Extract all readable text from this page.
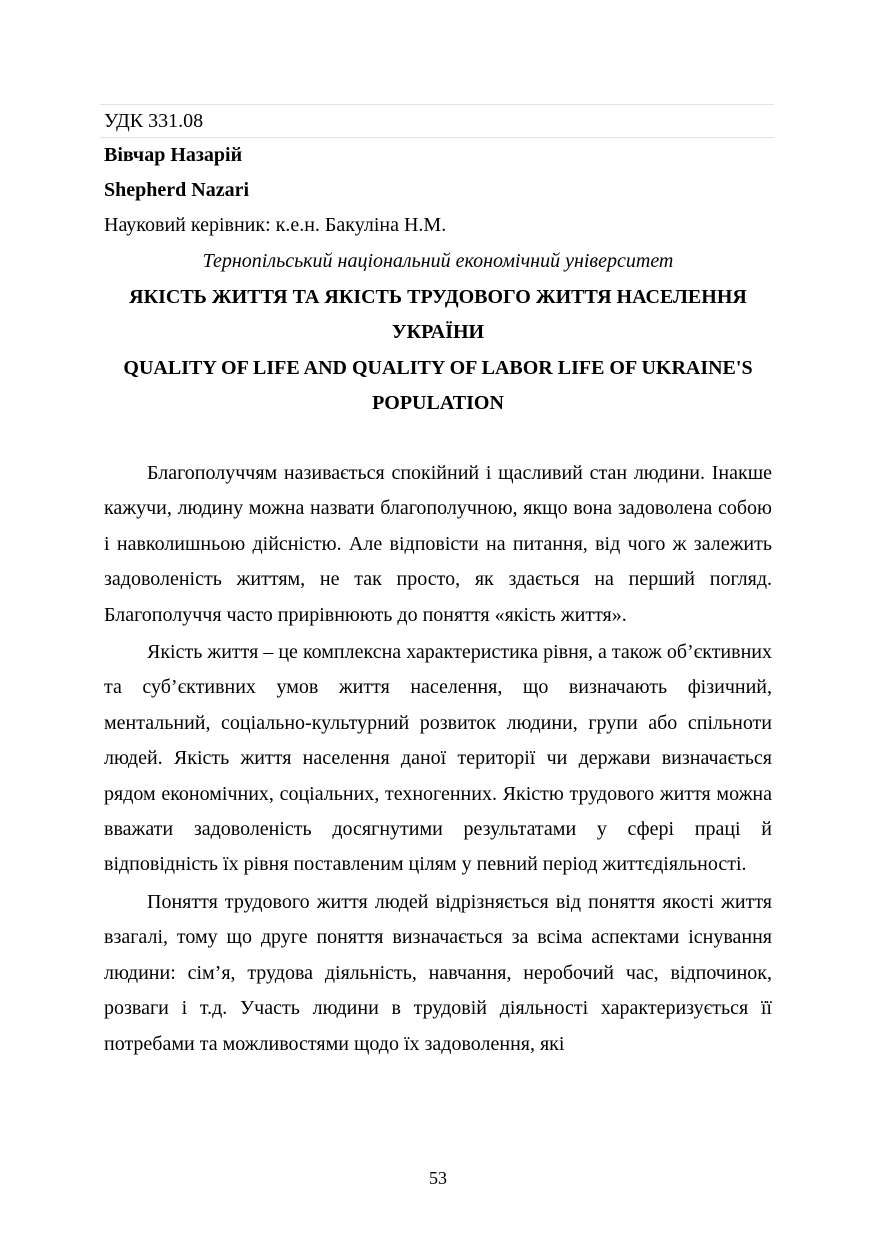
УДК 331.08
Вівчар Назарій
Shepherd Nazari
Науковий керівник: к.е.н. Бакуліна Н.М.
Тернопільський національний економічний університет
ЯКІСТЬ ЖИТТЯ ТА ЯКІСТЬ ТРУДОВОГО ЖИТТЯ НАСЕЛЕННЯ УКРАЇНИ
QUALITY OF LIFE AND QUALITY OF LABOR LIFE OF UKRAINE'S POPULATION

Благополуччям називається спокійний і щасливий стан людини. Інакше кажучи, людину можна назвати благополучною, якщо вона задоволена собою і навколишньою дійсністю. Але відповісти на питання, від чого ж залежить задоволеність життям, не так просто, як здається на перший погляд. Благополуччя часто прирівнюють до поняття «якість життя».

Якість життя – це комплексна характеристика рівня, а також об’єктивних та суб’єктивних умов життя населення, що визначають фізичний, ментальний, соціально-культурний розвиток людини, групи або спільноти людей. Якість життя населення даної території чи держави визначається рядом економічних, соціальних, техногенних. Якістю трудового життя можна вважати задоволеність досягнутими результатами у сфері праці й відповідність їх рівня поставленим цілям у певний період життєдіяльності.

Поняття трудового життя людей відрізняється від поняття якості життя взагалі, тому що друге поняття визначається за всіма аспектами існування людини: сім’я, трудова діяльність, навчання, неробочий час, відпочинок, розваги і т.д. Участь людини в трудовій діяльності характеризується її потребами та можливостями щодо їх задоволення, які

53
